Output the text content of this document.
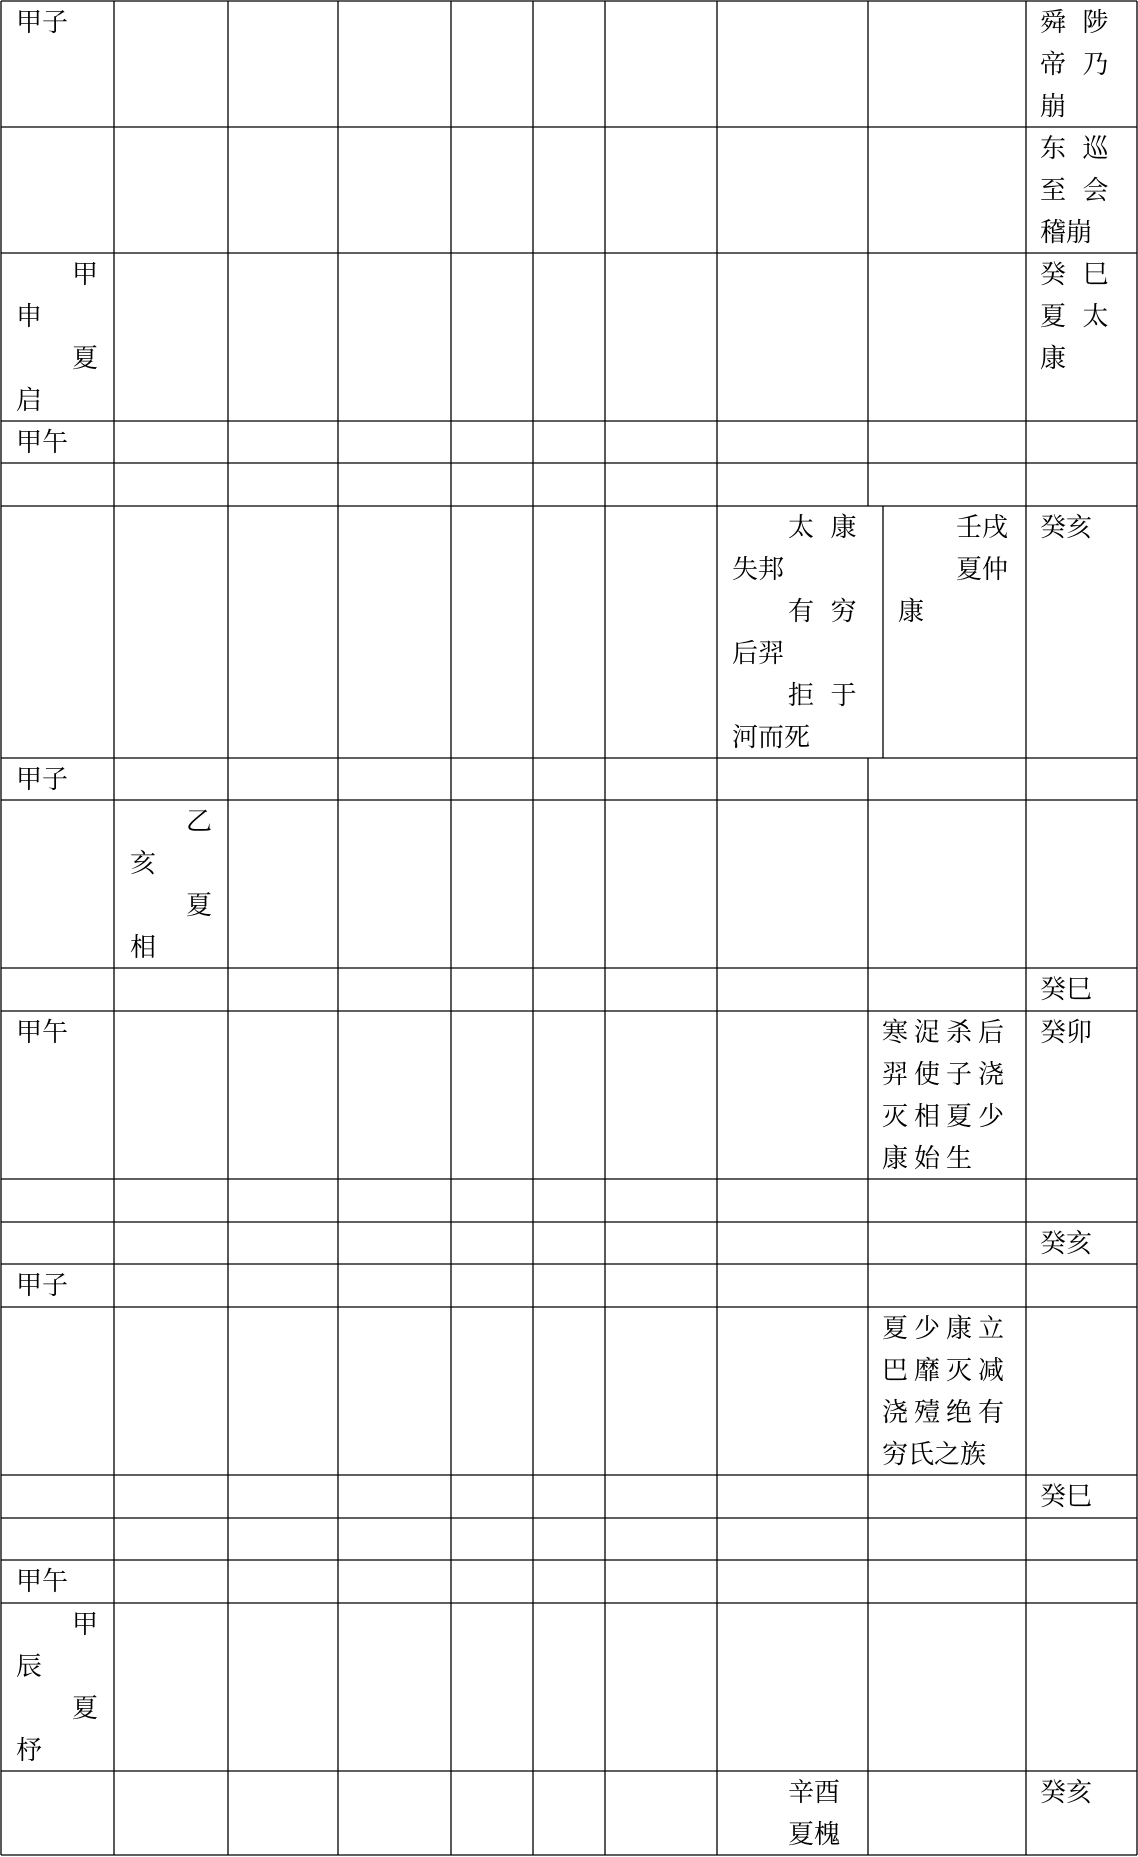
甲子	舜  陟
帝  乃
崩
东  巡
至  会
稽崩
甲
申
夏
启
癸  巳
夏  太
康
甲午
太  康
失邦
有  穷
后羿
拒  于
河而死
壬戌
夏仲
康
癸亥
甲子
乙
亥
夏
相
癸巳
甲午	寒浞杀后
羿使子浇
灭相夏少
康始生
癸卯
癸亥
甲子
夏少康立
巴靡灭减
浇殪绝有
穷氏之族
癸巳
甲午
甲
辰
夏
杼
辛酉
夏槐
癸亥
